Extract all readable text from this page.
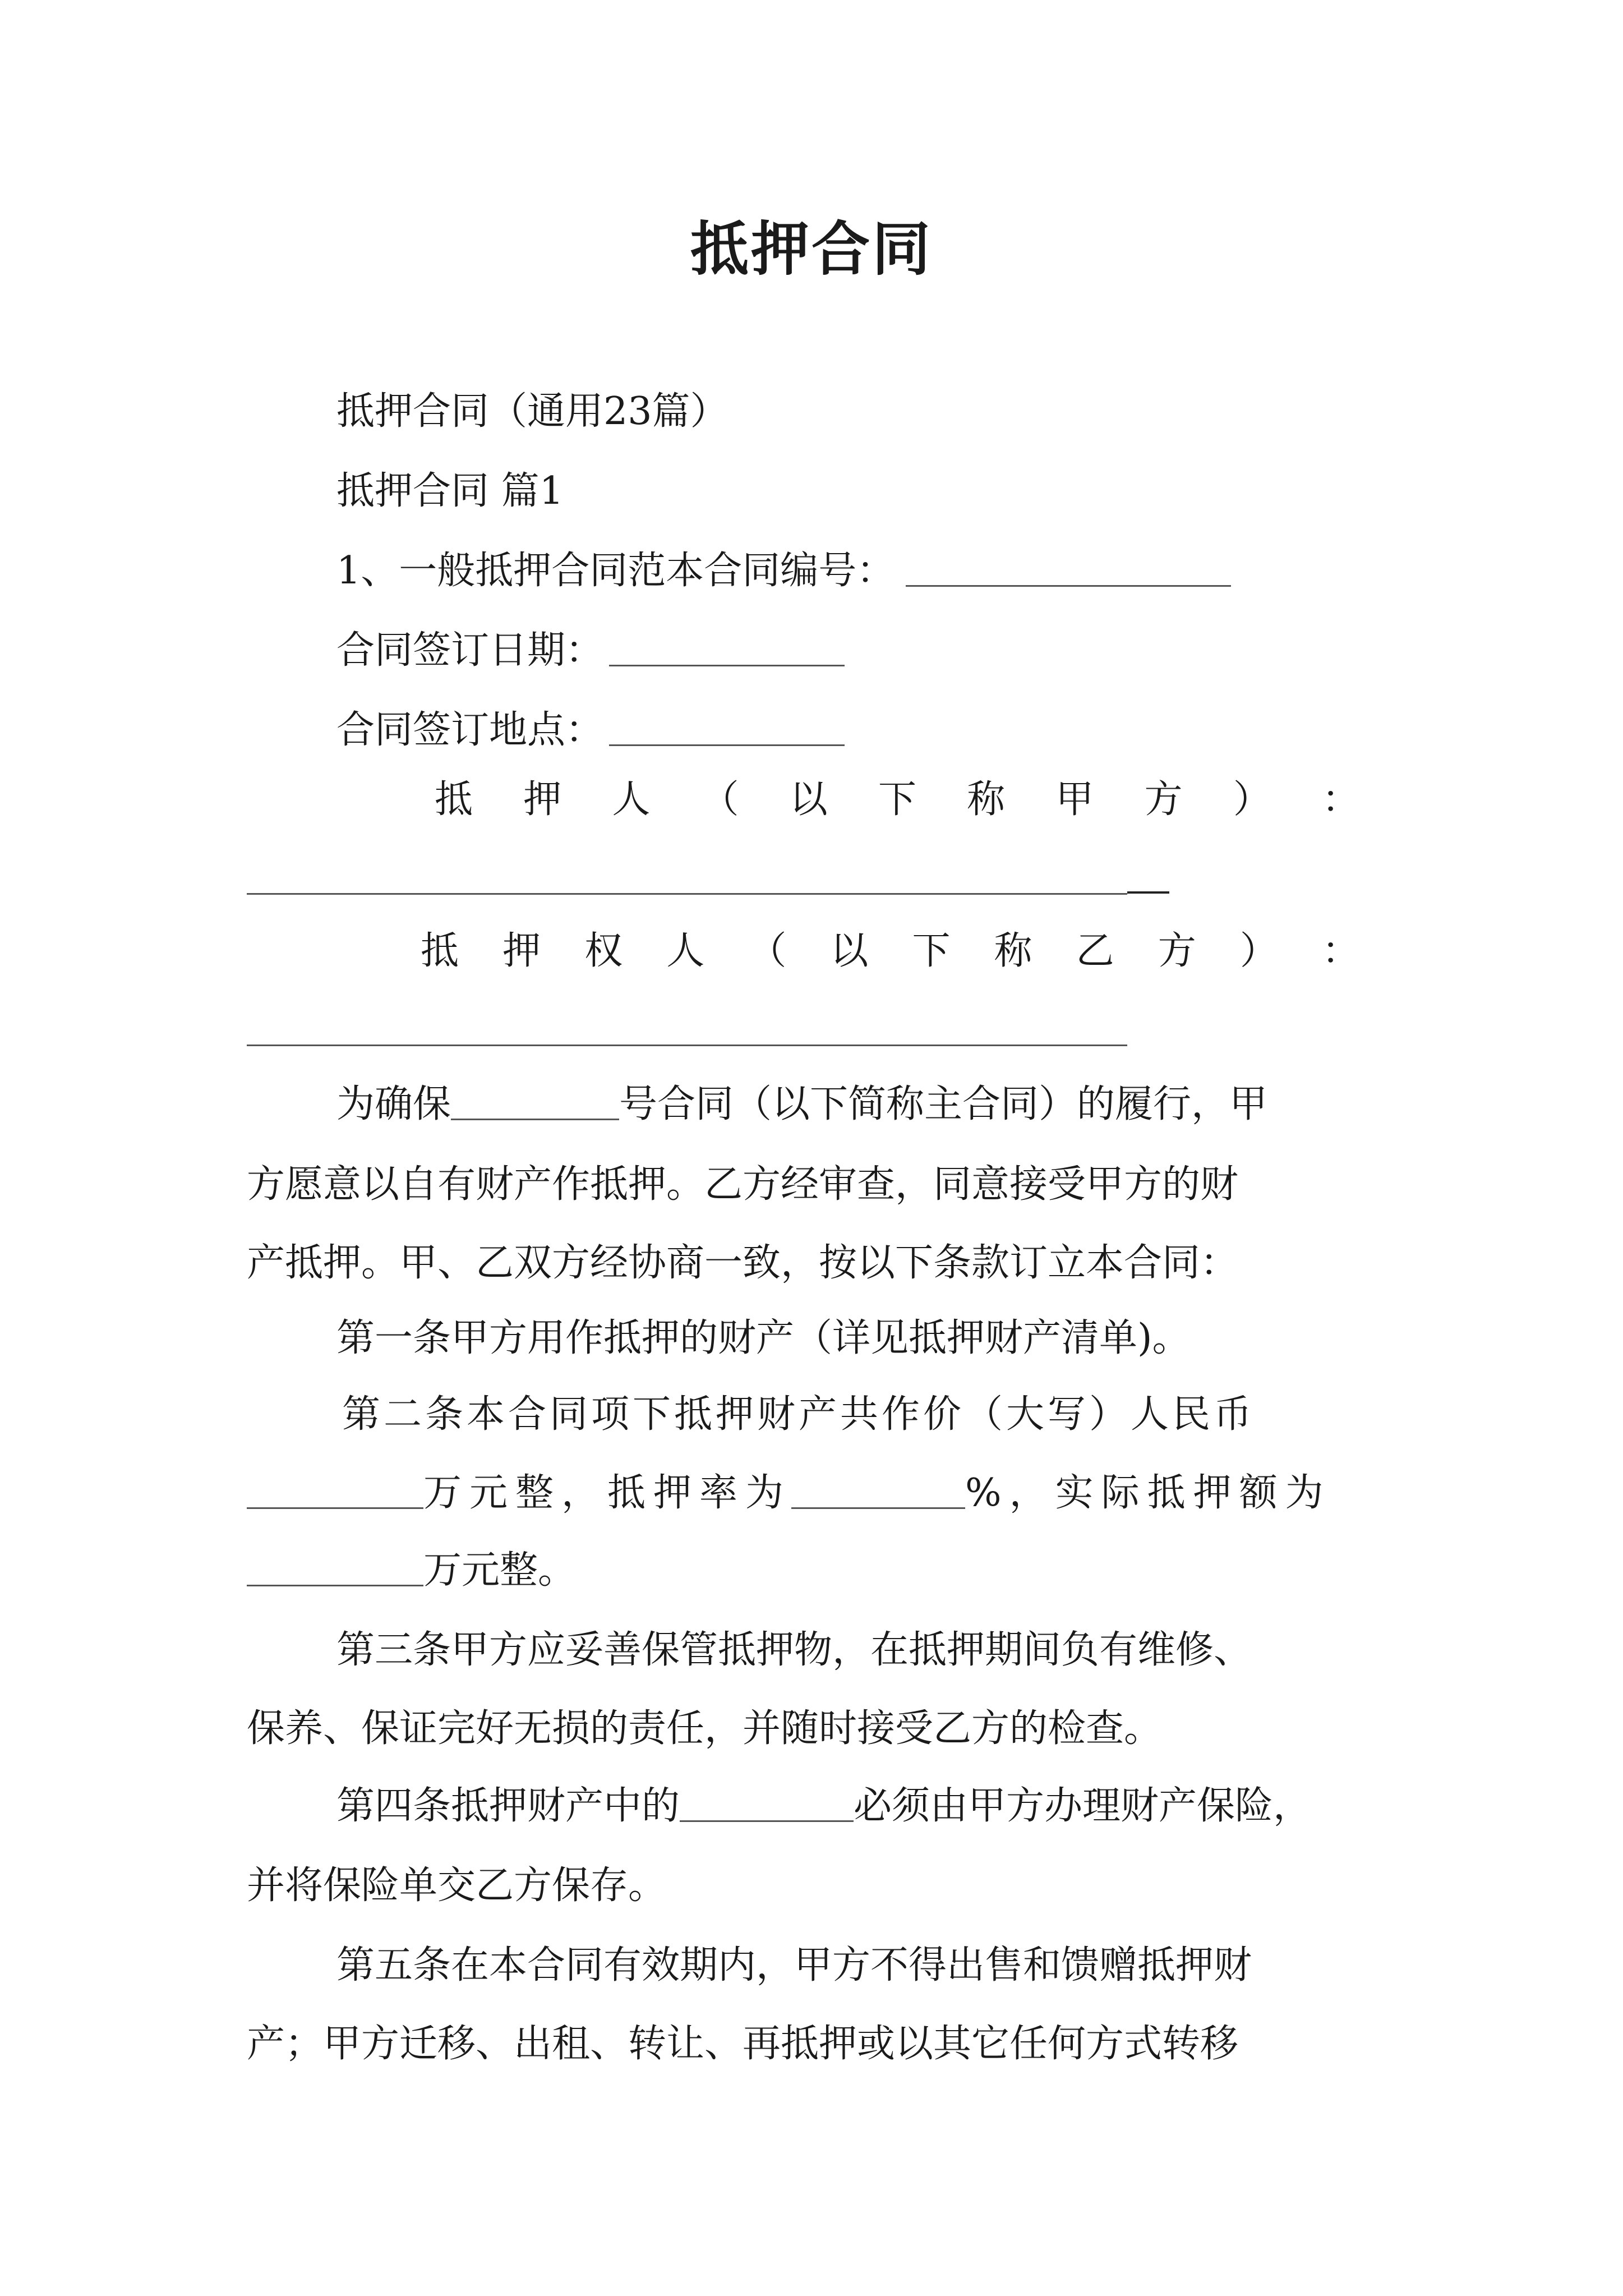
抵押合同
抵押合同（通用23篇）
抵押合同 篇1
1、一般抵押合同范本合同编号：
合同签订日期：
合同签订地点：
抵 押 人 （ 以 下 称 甲 方 ） ：
抵 押 权 人 （ 以 下 称 乙 方 ） ：
为确保	号合同（以下简称主合同）的履行，甲
方愿意以自有财产作抵押。乙方经审查，同意接受甲方的财
产抵押。甲、乙双方经协商一致，按以下条款订立本合同：
第一条甲方用作抵押的财产（详见抵押财产清单)。
第二条本合同项下抵押财产共作价（大写）人民币
万元整，抵押率为	%，实际抵押额为
万元整。
第三条甲方应妥善保管抵押物，在抵押期间负有维修、
保养、保证完好无损的责任，并随时接受乙方的检查。
第四条抵押财产中的	必须由甲方办理财产保险，
并将保险单交乙方保存。
第五条在本合同有效期内，甲方不得出售和馈赠抵押财
产；甲方迁移、出租、转让、再抵押或以其它任何方式转移
